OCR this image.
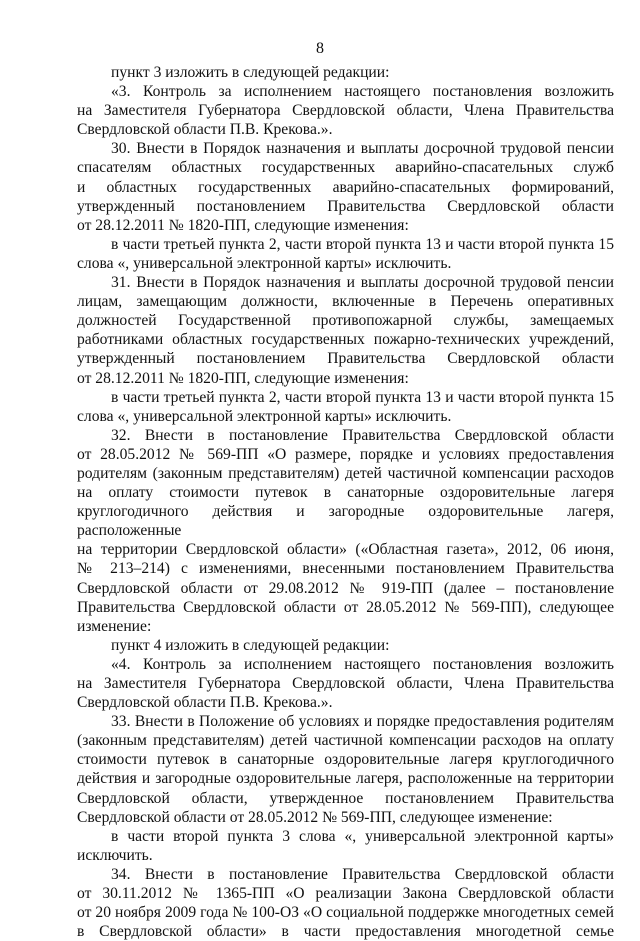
8

пункт 3 изложить в следующей редакции:

«3. Контроль за исполнением настоящего постановления возложить

на Заместителя Губернатора Свердловской области, Члена Правительства

Свердловской области П.В. Крекова.».

30. Внести в Порядок назначения и выплаты досрочной трудовой пенсии

спасателям областных государственных аварийно-спасательных служб

и областных государственных аварийно-спасательных формирований,

утвержденный постановлением Правительства Свердловской области

от 28.12.2011 № 1820-ПП, следующие изменения:

в части третьей пункта 2, части второй пункта 13 и части второй пункта 15

слова «, универсальной электронной карты» исключить.

31. Внести в Порядок назначения и выплаты досрочной трудовой пенсии

лицам, замещающим должности, включенные в Перечень оперативных

должностей Государственной противопожарной службы, замещаемых

работниками областных государственных пожарно-технических учреждений,

утвержденный постановлением Правительства Свердловской области

от 28.12.2011 № 1820-ПП, следующие изменения:

в части третьей пункта 2, части второй пункта 13 и части второй пункта 15

слова «, универсальной электронной карты» исключить.

32. Внести в постановление Правительства Свердловской области

от 28.05.2012 № 569-ПП «О размере, порядке и условиях предоставления

родителям (законным представителям) детей частичной компенсации расходов

на оплату стоимости путевок в санаторные оздоровительные лагеря

круглогодичного действия и загородные оздоровительные лагеря, расположенные

на территории Свердловской области» («Областная газета», 2012, 06 июня,

№ 213–214) с изменениями, внесенными постановлением Правительства

Свердловской области от 29.08.2012 № 919-ПП (далее – постановление

Правительства Свердловской области от 28.05.2012 № 569-ПП), следующее

изменение:

пункт 4 изложить в следующей редакции:

«4. Контроль за исполнением настоящего постановления возложить

на Заместителя Губернатора Свердловской области, Члена Правительства

Свердловской области П.В. Крекова.».

33. Внести в Положение об условиях и порядке предоставления родителям

(законным представителям) детей частичной компенсации расходов на оплату

стоимости путевок в санаторные оздоровительные лагеря круглогодичного

действия и загородные оздоровительные лагеря, расположенные на территории

Свердловской области, утвержденное постановлением Правительства

Свердловской области от 28.05.2012 № 569-ПП, следующее изменение:

в части второй пункта 3 слова «, универсальной электронной карты»

исключить.

34. Внести в постановление Правительства Свердловской области

от 30.11.2012 № 1365-ПП «О реализации Закона Свердловской области

от 20 ноября 2009 года № 100-ОЗ «О социальной поддержке многодетных семей

в Свердловской области» в части предоставления многодетной семье
